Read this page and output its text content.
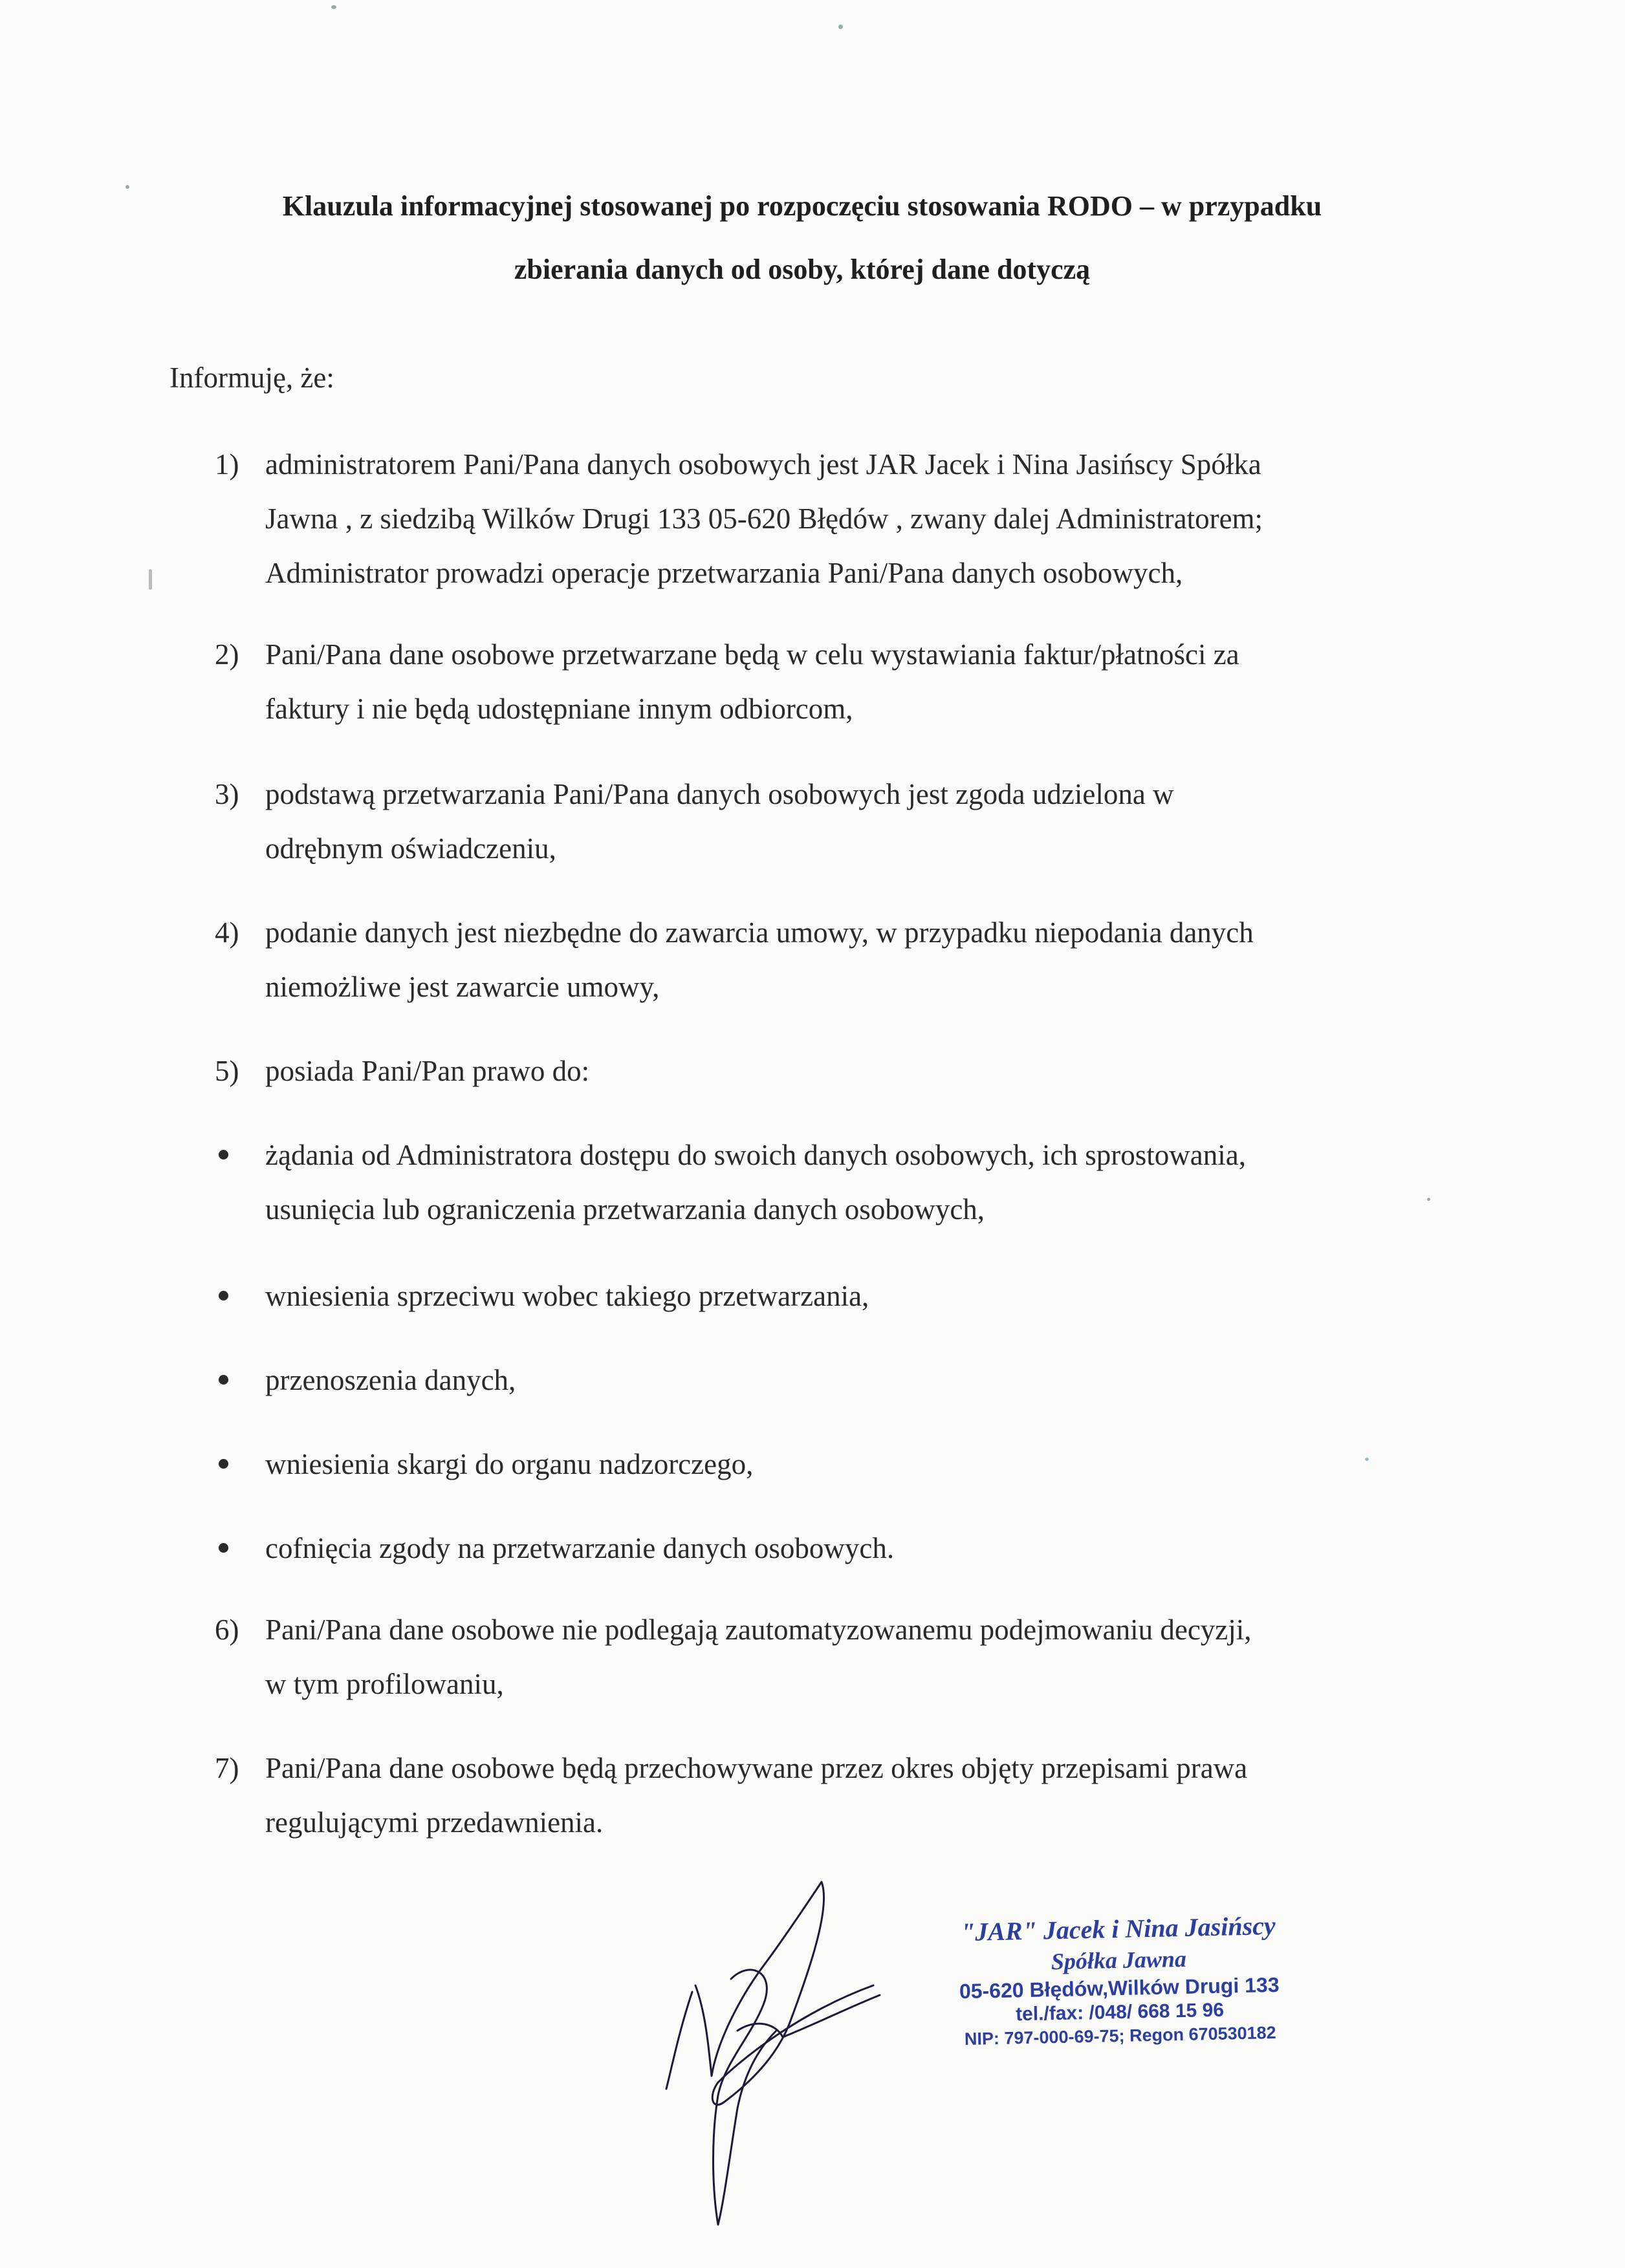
Klauzula informacyjnej stosowanej po rozpoczęciu stosowania RODO – w przypadku
zbierania danych od osoby, której dane dotyczą
Informuję, że:
1) administratorem Pani/Pana danych osobowych jest JAR Jacek i Nina Jasińscy Spółka
Jawna , z siedzibą Wilków Drugi 133 05-620 Błędów , zwany dalej Administratorem;
Administrator prowadzi operacje przetwarzania Pani/Pana danych osobowych,
2) Pani/Pana dane osobowe przetwarzane będą w celu wystawiania faktur/płatności za
faktury i nie będą udostępniane innym odbiorcom,
3) podstawą przetwarzania Pani/Pana danych osobowych jest zgoda udzielona w
odrębnym oświadczeniu,
4) podanie danych jest niezbędne do zawarcia umowy, w przypadku niepodania danych
niemożliwe jest zawarcie umowy,
5) posiada Pani/Pan prawo do:
żądania od Administratora dostępu do swoich danych osobowych, ich sprostowania,
usunięcia lub ograniczenia przetwarzania danych osobowych,
wniesienia sprzeciwu wobec takiego przetwarzania,
przenoszenia danych,
wniesienia skargi do organu nadzorczego,
cofnięcia zgody na przetwarzanie danych osobowych.
6) Pani/Pana dane osobowe nie podlegają zautomatyzowanemu podejmowaniu decyzji,
w tym profilowaniu,
7) Pani/Pana dane osobowe będą przechowywane przez okres objęty przepisami prawa
regulującymi przedawnienia.
"JAR" Jacek i Nina Jasińscy
Spółka Jawna
05-620 Błędów,Wilków Drugi 133
tel./fax: /048/ 668 15 96
NIP: 797-000-69-75; Regon 670530182
